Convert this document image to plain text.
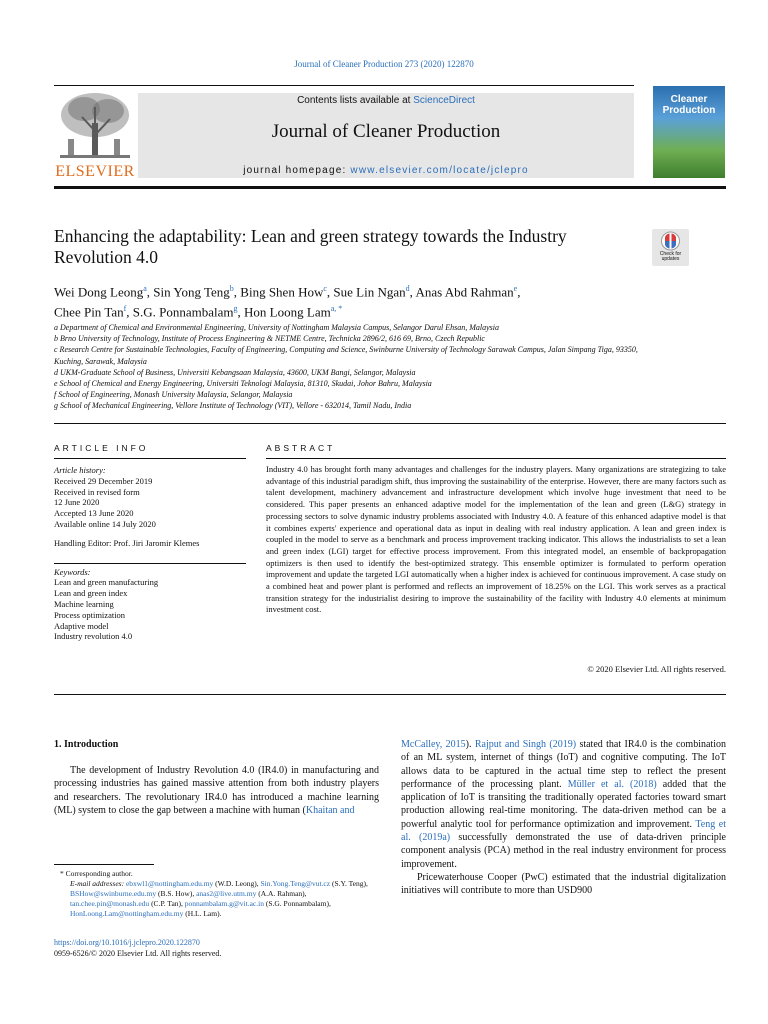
Journal of Cleaner Production 273 (2020) 122870
ELSEVIER
Contents lists available at ScienceDirect
Journal of Cleaner Production
journal homepage: www.elsevier.com/locate/jclepro
Cleaner
Production
Enhancing the adaptability: Lean and green strategy towards the Industry Revolution 4.0	Check for updates
Wei Dong Leong$^a$, Sin Yong Teng$^b$, Bing Shen How$^c$, Sue Lin Ngan$^d$, Anas Abd Rahman$^e$,
Chee Pin Tan$^f$, S.G. Ponnambalam$^g$, Hon Loong Lam$^{a, *}$
a Department of Chemical and Environmental Engineering, University of Nottingham Malaysia Campus, Selangor Darul Ehsan, Malaysia
b Brno University of Technology, Institute of Process Engineering & NETME Centre, Technicka 2896/2, 616 69, Brno, Czech Republic
c Research Centre for Sustainable Technologies, Faculty of Engineering, Computing and Science, Swinburne University of Technology Sarawak Campus, Jalan Simpang Tiga, 93350, Kuching, Sarawak, Malaysia
d UKM-Graduate School of Business, Universiti Kebangsaan Malaysia, 43600, UKM Bangi, Selangor, Malaysia
e School of Chemical and Energy Engineering, Universiti Teknologi Malaysia, 81310, Skudai, Johor Bahru, Malaysia
f School of Engineering, Monash University Malaysia, Selangor, Malaysia
g School of Mechanical Engineering, Vellore Institute of Technology (VIT), Vellore - 632014, Tamil Nadu, India
ARTICLE INFO	ABSTRACT
Article history:
Received 29 December 2019
Received in revised form
12 June 2020
Accepted 13 June 2020
Available online 14 July 2020
Handling Editor: Prof. Jiri Jaromir Klemes
Keywords:
Lean and green manufacturing
Lean and green index
Machine learning
Process optimization
Adaptive model
Industry revolution 4.0
Industry 4.0 has brought forth many advantages and challenges for the industry players. Many organizations are strategizing to take advantage of this industrial paradigm shift, thus improving the sustainability of the enterprise. However, there are many factors such as talent development, machinery advancement and infrastructure development which involve huge investment that need to be considered. This paper presents an enhanced adaptive model for the implementation of the lean and green (L&G) strategy in processing sectors to solve dynamic industry problems associated with Industry 4.0. A feature of this enhanced adaptive model is that it combines experts' experience and operational data as input in dealing with real industry application. A lean and green index is coupled in the model to serve as a benchmark and process improvement tracking indicator. This allows the industrialists to set a lean and green index (LGI) target for effective process improvement. From this integrated model, an ensemble of backpropagation optimizers is then used to identify the best-optimized strategy. This ensemble optimizer is formulated to perform operation improvement and update the targeted LGI automatically when a higher index is achieved for continuous improvement. A case study on a combined heat and power plant is performed and reflects an improvement of 18.25% on the LGI. This work serves as a practical transition strategy for the industrialist desiring to improve the sustainability of the facility with Industry 4.0 elements at minimum investment cost.
© 2020 Elsevier Ltd. All rights reserved.
1. Introduction
The development of Industry Revolution 4.0 (IR4.0) in manufacturing and processing industries has gained massive attention from both industry players and researchers. The revolutionary IR4.0 has introduced a machine learning (ML) system to close the gap between a machine with human (Khaitan and
McCalley, 2015). Rajput and Singh (2019) stated that IR4.0 is the combination of an ML system, internet of things (IoT) and cognitive computing. The IoT allows data to be captured in the actual time step to reflect the present performance of the processing plant. Müller et al. (2018) added that the application of IoT is transiting the traditionally operated factories toward smart production allowing real-time monitoring. The data-driven method can be a powerful analytic tool for performance optimization and improvement. Teng et al. (2019a) successfully demonstrated the use of data-driven principle component analysis (PCA) method in the real industry environment for process improvement.
Pricewaterhouse Cooper (PwC) estimated that the industrial digitalization initiatives will contribute to more than USD900
* Corresponding author.
E-mail addresses: ebxwl1@nottingham.edu.my (W.D. Leong), Sin.Yong.Teng@vut.cz (S.Y. Teng), BSHow@swinburne.edu.my (B.S. How), anas2@live.utm.my (A.A. Rahman), tan.chee.pin@monash.edu (C.P. Tan), ponnambalam.g@vit.ac.in (S.G. Ponnambalam), HonLoong.Lam@nottingham.edu.my (H.L. Lam).
https://doi.org/10.1016/j.jclepro.2020.122870
0959-6526/© 2020 Elsevier Ltd. All rights reserved.
